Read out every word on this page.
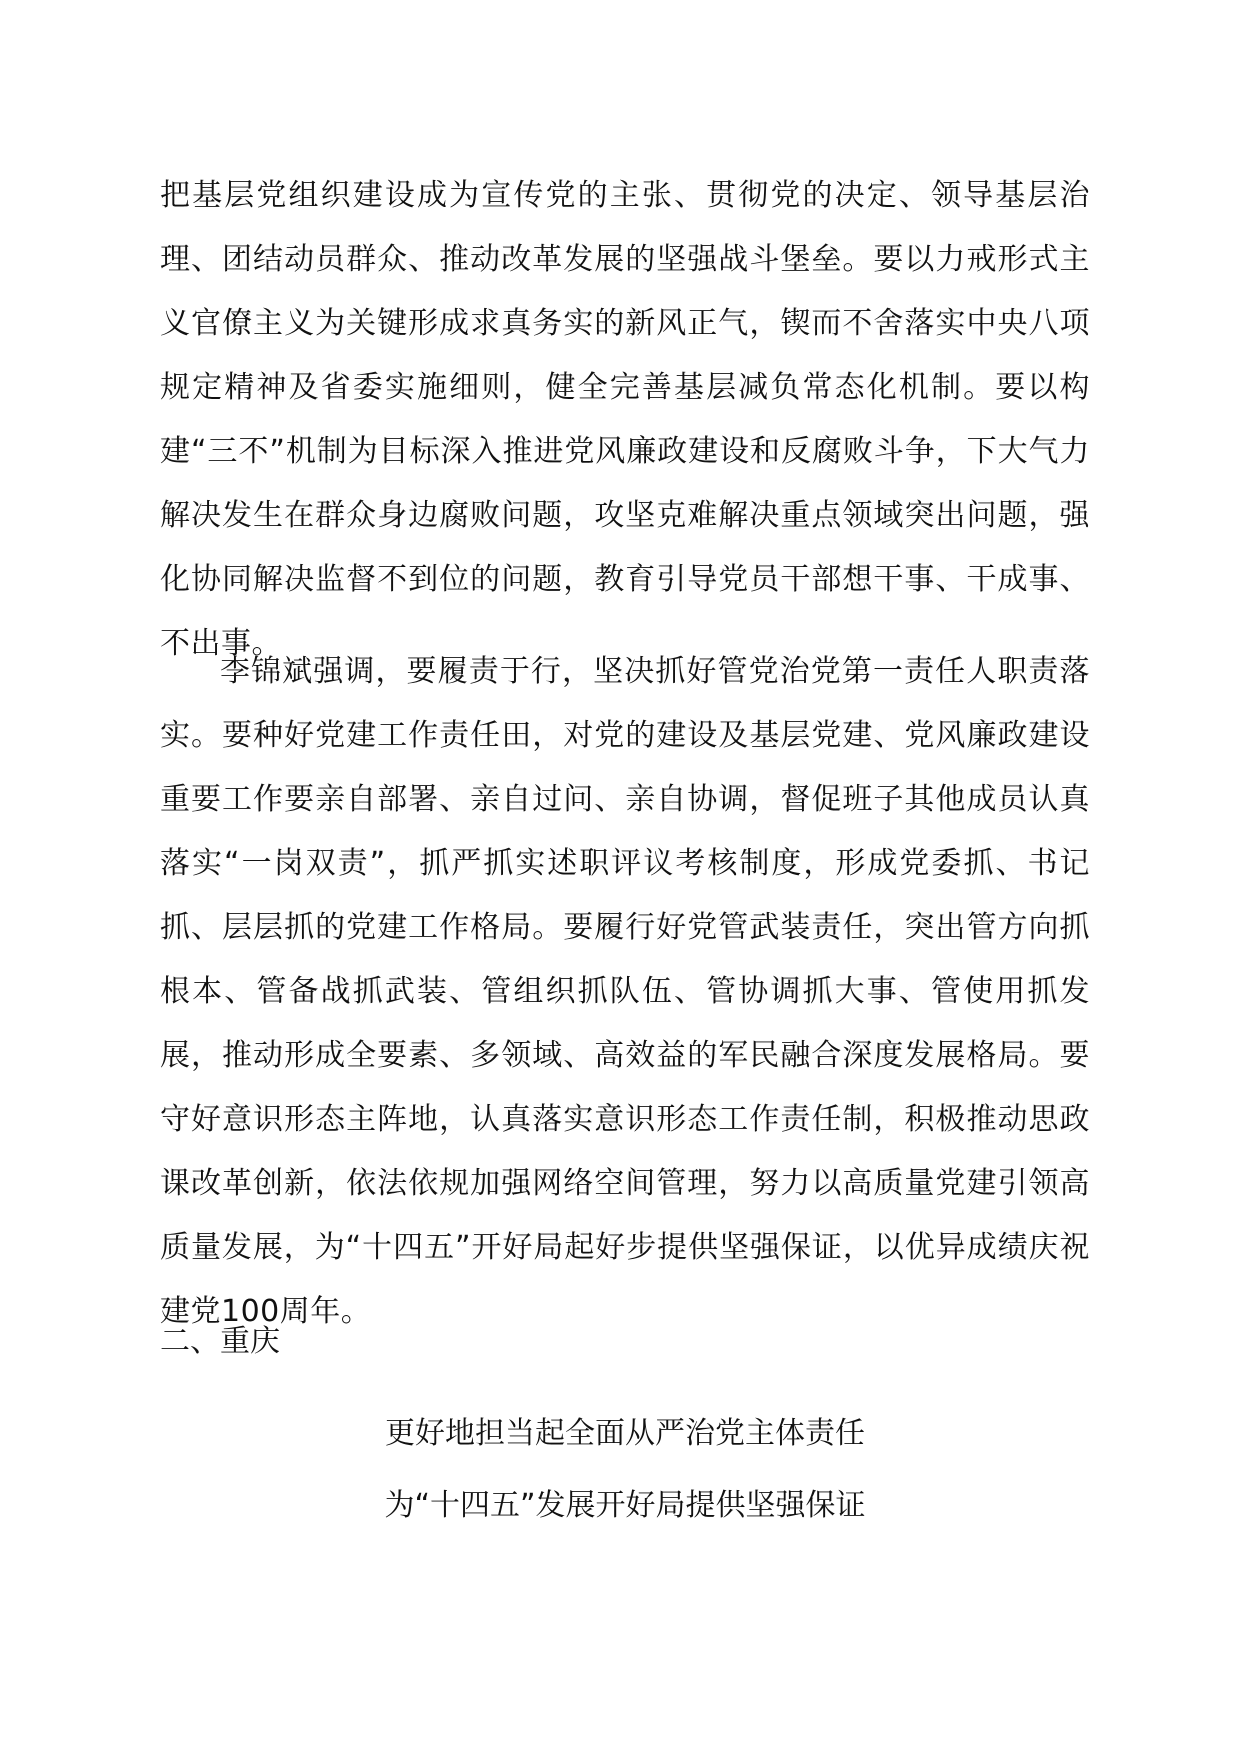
把基层党组织建设成为宣传党的主张、贯彻党的决定、领导基层治理、团结动员群众、推动改革发展的坚强战斗堡垒。要以力戒形式主义官僚主义为关键形成求真务实的新风正气，锲而不舍落实中央八项规定精神及省委实施细则，健全完善基层减负常态化机制。要以构建“三不”机制为目标深入推进党风廉政建设和反腐败斗争，下大气力解决发生在群众身边腐败问题，攻坚克难解决重点领域突出问题，强化协同解决监督不到位的问题，教育引导党员干部想干事、干成事、不出事。

李锦斌强调，要履责于行，坚决抓好管党治党第一责任人职责落实。要种好党建工作责任田，对党的建设及基层党建、党风廉政建设重要工作要亲自部署、亲自过问、亲自协调，督促班子其他成员认真落实“一岗双责”，抓严抓实述职评议考核制度，形成党委抓、书记抓、层层抓的党建工作格局。要履行好党管武装责任，突出管方向抓根本、管备战抓武装、管组织抓队伍、管协调抓大事、管使用抓发展，推动形成全要素、多领域、高效益的军民融合深度发展格局。要守好意识形态主阵地，认真落实意识形态工作责任制，积极推动思政课改革创新，依法依规加强网络空间管理，努力以高质量党建引领高质量发展，为“十四五”开好局起好步提供坚强保证，以优异成绩庆祝建党100周年。

二、重庆
更好地担当起全面从严治党主体责任
为“十四五”发展开好局提供坚强保证
